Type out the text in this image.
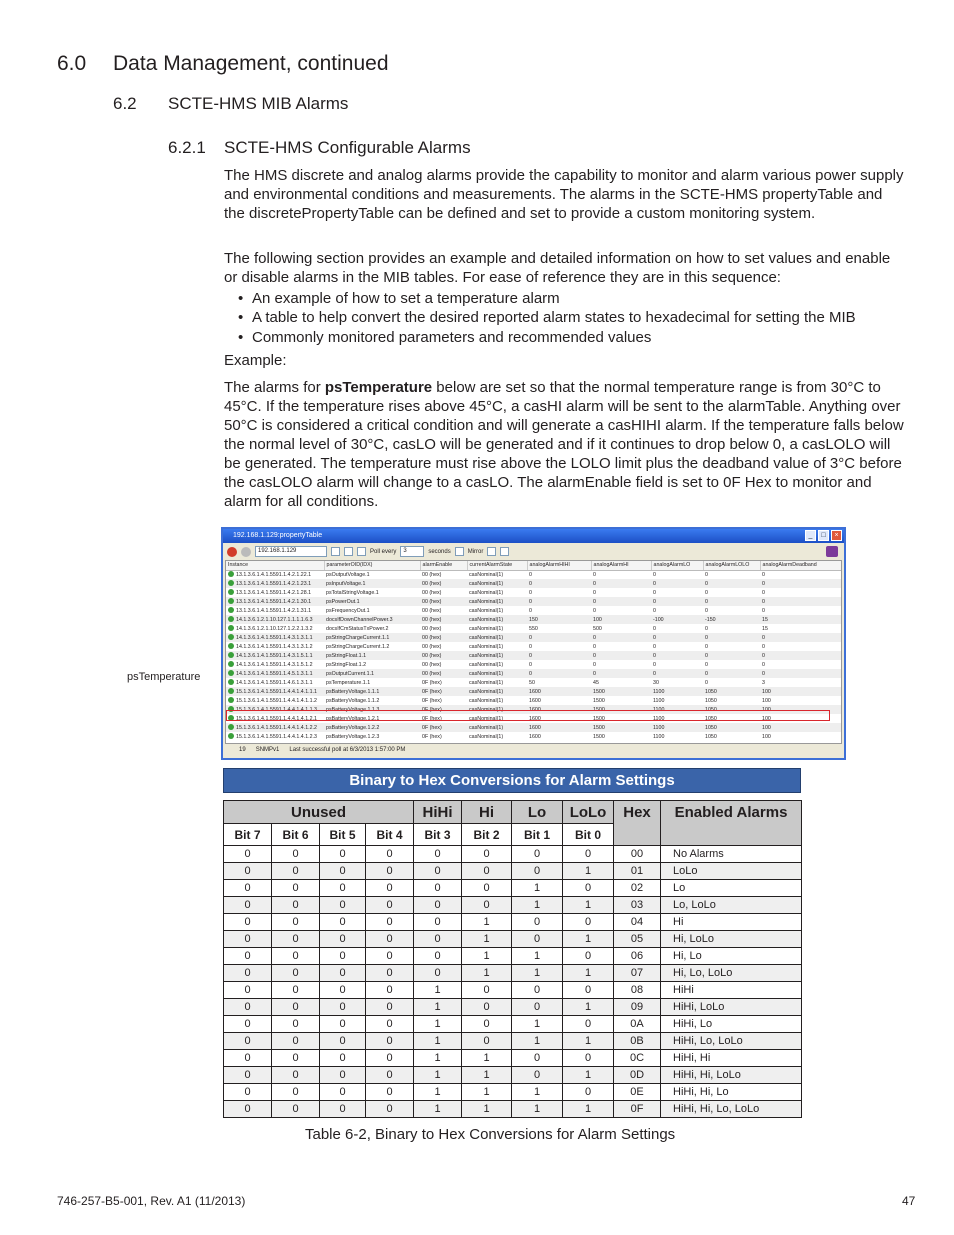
6.0 Data Management, continued
6.2 SCTE-HMS MIB Alarms
6.2.1 SCTE-HMS Configurable Alarms

The HMS discrete and analog alarms provide the capability to monitor and alarm various power supply and environmental conditions and measurements. The alarms in the SCTE-HMS propertyTable and the discretePropertyTable can be defined and set to provide a custom monitoring system.

The following section provides an example and detailed information on how to set values and enable or disable alarms in the MIB tables. For ease of reference they are in this sequence:

• An example of how to set a temperature alarm
• A table to help convert the desired reported alarm states to hexadecimal for setting the MIB
• Commonly monitored parameters and recommended values

Example:

The alarms for psTemperature below are set so that the normal temperature range is from 30°C to 45°C. If the temperature rises above 45°C, a casHI alarm will be sent to the alarmTable. Anything over 50°C is considered a critical condition and will generate a casHIHI alarm. If the temperature falls below the normal level of 30°C, casLO will be generated and if it continues to drop below 0, a casLOLO will be generated. The temperature must rise above the LOLO limit plus the deadband value of 3°C before the casLOLO alarm will change to a casLO. The alarmEnable field is set to 0F Hex to monitor and alarm for all conditions.

psTemperature
192.168.1.129:propertyTable	_	□	×
192.168.1.129	Poll every	3	seconds	Mirror
Instance	parameterOID(IDX)	alarmEnable	currentAlarmState	analogAlarmHIHI	analogAlarmHI	analogAlarmLO	analogAlarmLOLO	analogAlarmDeadband
13.1.3.6.1.4.1.5591.1.4.2.1.22.1	psOutputVoltage.1	00 (hex)	casNominal(1)	0	0	0	0	0
13.1.3.6.1.4.1.5591.1.4.2.1.23.1	psInputVoltage.1	00 (hex)	casNominal(1)	0	0	0	0	0
13.1.3.6.1.4.1.5591.1.4.2.1.28.1	psTotalStringVoltage.1	00 (hex)	casNominal(1)	0	0	0	0	0
13.1.3.6.1.4.1.5591.1.4.2.1.30.1	psPowerOut.1	00 (hex)	casNominal(1)	0	0	0	0	0
13.1.3.6.1.4.1.5591.1.4.2.1.31.1	psFrequencyOut.1	00 (hex)	casNominal(1)	0	0	0	0	0
14.1.3.6.1.2.1.10.127.1.1.1.1.6.3	docsIfDownChannelPower.3	00 (hex)	casNominal(1)	150	100	-100	-150	15
14.1.3.6.1.2.1.10.127.1.2.2.1.3.2	docsIfCmStatusTxPower.2	00 (hex)	casNominal(1)	550	500	0	0	15
14.1.3.6.1.4.1.5591.1.4.3.1.3.1.1	psStringChargeCurrent.1.1	00 (hex)	casNominal(1)	0	0	0	0	0
14.1.3.6.1.4.1.5591.1.4.3.1.3.1.2	psStringChargeCurrent.1.2	00 (hex)	casNominal(1)	0	0	0	0	0
14.1.3.6.1.4.1.5591.1.4.3.1.5.1.1	psStringFloat.1.1	00 (hex)	casNominal(1)	0	0	0	0	0
14.1.3.6.1.4.1.5591.1.4.3.1.5.1.2	psStringFloat.1.2	00 (hex)	casNominal(1)	0	0	0	0	0
14.1.3.6.1.4.1.5591.1.4.5.1.3.1.1	psOutputCurrent.1.1	00 (hex)	casNominal(1)	0	0	0	0	0
14.1.3.6.1.4.1.5591.1.4.6.1.3.1.1	psTemperature.1.1	0F (hex)	casNominal(1)	50	45	30	0	3
15.1.3.6.1.4.1.5591.1.4.4.1.4.1.1.1	psBatteryVoltage.1.1.1	0F (hex)	casNominal(1)	1600	1500	1100	1050	100
15.1.3.6.1.4.1.5591.1.4.4.1.4.1.1.2	psBatteryVoltage.1.1.2	0F (hex)	casNominal(1)	1600	1500	1100	1050	100
15.1.3.6.1.4.1.5591.1.4.4.1.4.1.1.3	psBatteryVoltage.1.1.3	0F (hex)	casNominal(1)	1600	1500	1100	1050	100
15.1.3.6.1.4.1.5591.1.4.4.1.4.1.2.1	psBatteryVoltage.1.2.1	0F (hex)	casNominal(1)	1600	1500	1100	1050	100
15.1.3.6.1.4.1.5591.1.4.4.1.4.1.2.2	psBatteryVoltage.1.2.2	0F (hex)	casNominal(1)	1600	1500	1100	1050	100
15.1.3.6.1.4.1.5591.1.4.4.1.4.1.2.3	psBatteryVoltage.1.2.3	0F (hex)	casNominal(1)	1600	1500	1100	1050	100
19 SNMPv1 Last successful poll at 6/3/2013 1:57:00 PM
Binary to Hex Conversions for Alarm Settings
Unused				HiHi	Hi	Lo	LoLo	Hex	Enabled Alarms
Bit 7	Bit 6	Bit 5	Bit 4	Bit 3	Bit 2	Bit 1	Bit 0		
0	0	0	0	0	0	0	0	00	No Alarms
0	0	0	0	0	0	0	1	01	LoLo
0	0	0	0	0	0	1	0	02	Lo
0	0	0	0	0	0	1	1	03	Lo, LoLo
0	0	0	0	0	1	0	0	04	Hi
0	0	0	0	0	1	0	1	05	Hi, LoLo
0	0	0	0	0	1	1	0	06	Hi, Lo
0	0	0	0	0	1	1	1	07	Hi, Lo, LoLo
0	0	0	0	1	0	0	0	08	HiHi
0	0	0	0	1	0	0	1	09	HiHi, LoLo
0	0	0	0	1	0	1	0	0A	HiHi, Lo
0	0	0	0	1	0	1	1	0B	HiHi, Lo, LoLo
0	0	0	0	1	1	0	0	0C	HiHi, Hi
0	0	0	0	1	1	0	1	0D	HiHi, Hi, LoLo
0	0	0	0	1	1	1	0	0E	HiHi, Hi, Lo
0	0	0	0	1	1	1	1	0F	HiHi, Hi, Lo, LoLo
Table 6-2, Binary to Hex Conversions for Alarm Settings
746-257-B5-001, Rev. A1 (11/2013)	47
